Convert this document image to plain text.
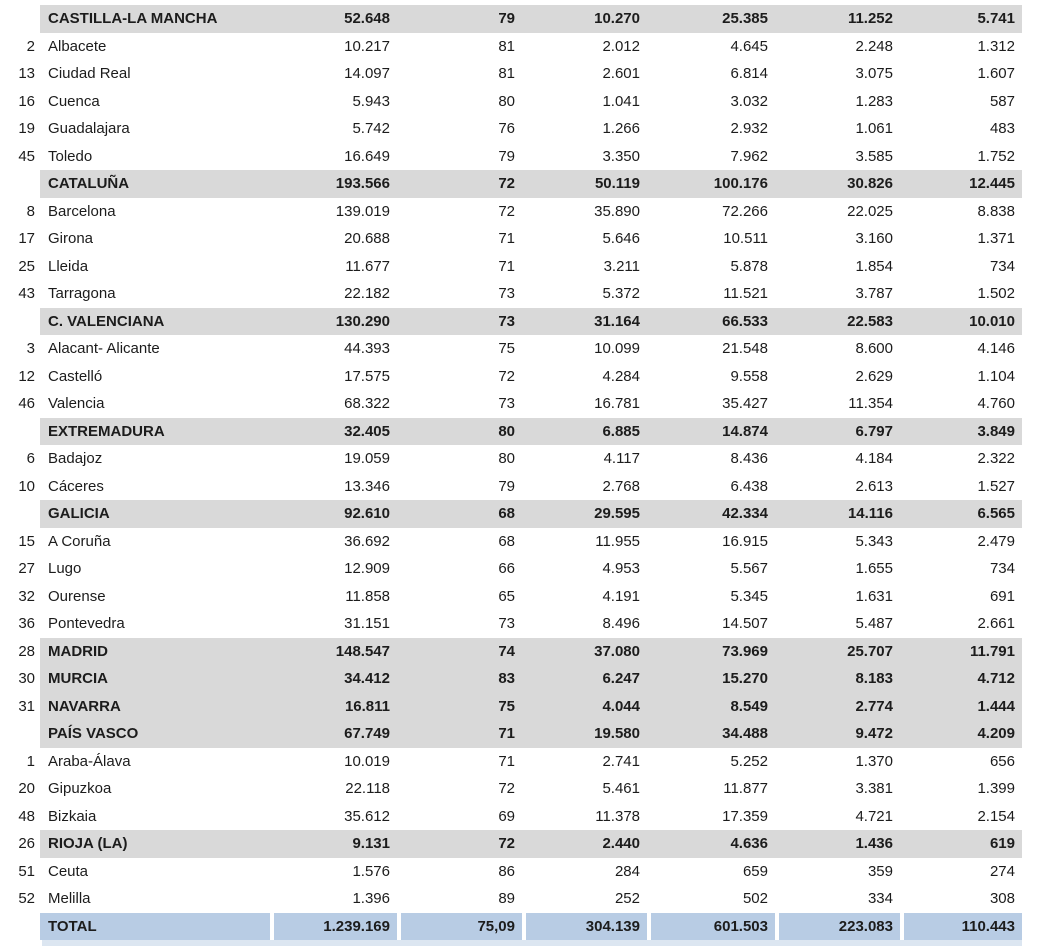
	CASTILLA-LA MANCHA	52.648	79	10.270	25.385	11.252	5.741
2	Albacete	10.217	81	2.012	4.645	2.248	1.312
13	Ciudad Real	14.097	81	2.601	6.814	3.075	1.607
16	Cuenca	5.943	80	1.041	3.032	1.283	587
19	Guadalajara	5.742	76	1.266	2.932	1.061	483
45	Toledo	16.649	79	3.350	7.962	3.585	1.752
	CATALUÑA	193.566	72	50.119	100.176	30.826	12.445
8	Barcelona	139.019	72	35.890	72.266	22.025	8.838
17	Girona	20.688	71	5.646	10.511	3.160	1.371
25	Lleida	11.677	71	3.211	5.878	1.854	734
43	Tarragona	22.182	73	5.372	11.521	3.787	1.502
	C. VALENCIANA	130.290	73	31.164	66.533	22.583	10.010
3	Alacant- Alicante	44.393	75	10.099	21.548	8.600	4.146
12	Castelló	17.575	72	4.284	9.558	2.629	1.104
46	Valencia	68.322	73	16.781	35.427	11.354	4.760
	EXTREMADURA	32.405	80	6.885	14.874	6.797	3.849
6	Badajoz	19.059	80	4.117	8.436	4.184	2.322
10	Cáceres	13.346	79	2.768	6.438	2.613	1.527
	GALICIA	92.610	68	29.595	42.334	14.116	6.565
15	A Coruña	36.692	68	11.955	16.915	5.343	2.479
27	Lugo	12.909	66	4.953	5.567	1.655	734
32	Ourense	11.858	65	4.191	5.345	1.631	691
36	Pontevedra	31.151	73	8.496	14.507	5.487	2.661
28	MADRID	148.547	74	37.080	73.969	25.707	11.791
30	MURCIA	34.412	83	6.247	15.270	8.183	4.712
31	NAVARRA	16.811	75	4.044	8.549	2.774	1.444
	PAÍS VASCO	67.749	71	19.580	34.488	9.472	4.209
1	Araba-Álava	10.019	71	2.741	5.252	1.370	656
20	Gipuzkoa	22.118	72	5.461	11.877	3.381	1.399
48	Bizkaia	35.612	69	11.378	17.359	4.721	2.154
26	RIOJA (LA)	9.131	72	2.440	4.636	1.436	619
51	Ceuta	1.576	86	284	659	359	274
52	Melilla	1.396	89	252	502	334	308
	TOTAL	1.239.169	75,09	304.139	601.503	223.083	110.443
